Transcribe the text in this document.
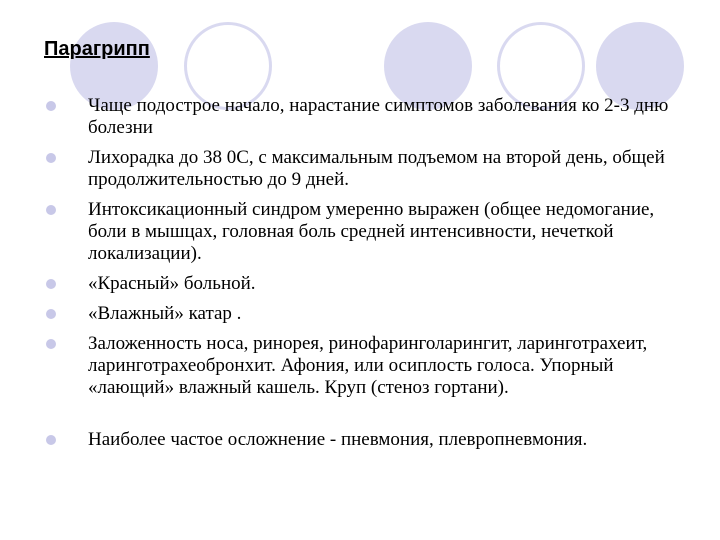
Парагрипп
Чаще подострое начало, нарастание симптомов заболевания ко 2-3 дню болезни
Лихорадка до 38 0С, с максимальным подъемом на второй день, общей продолжительностью до 9 дней.
Интоксикационный синдром умеренно выражен (общее недомогание, боли в мышцах, головная боль средней интенсивности, нечеткой локализации).
«Красный» больной.
«Влажный» катар .
Заложенность носа, ринорея, ринофаринголарингит, ларинготрахеит, ларинготрахеобронхит. Афония, или осиплость голоса. Упорный «лающий» влажный кашель. Круп (стеноз гортани).
Наиболее частое осложнение - пневмония, плевропневмония.
